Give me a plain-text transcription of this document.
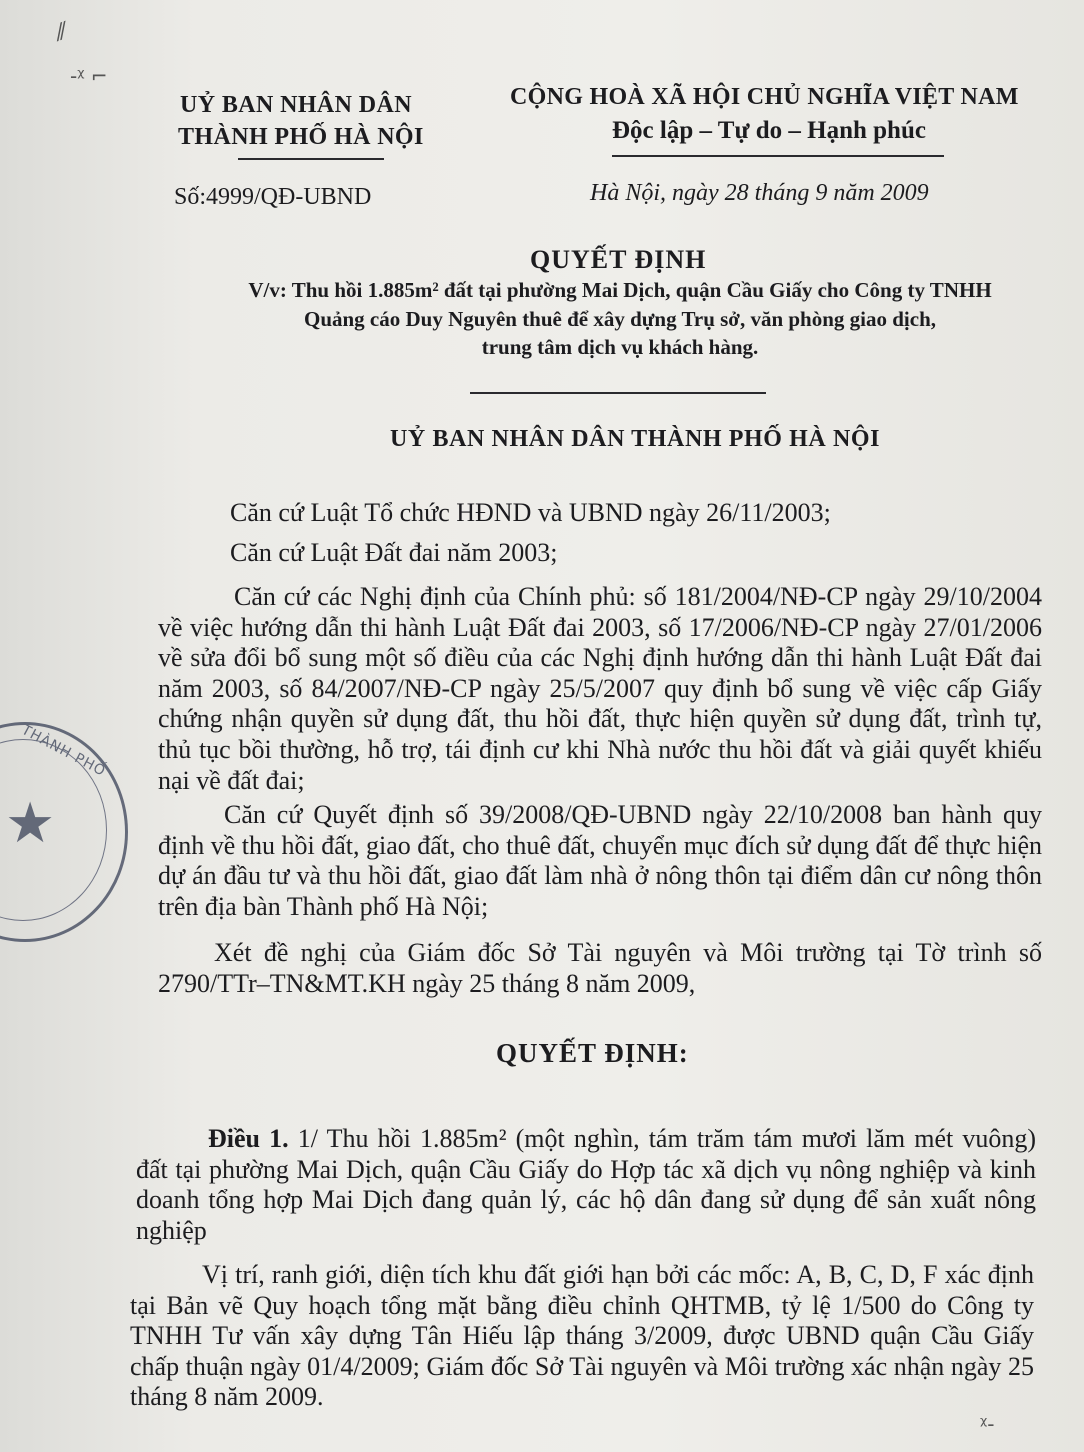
⁄⁄
-ᵡ ⌐
ᵡ-
UỶ BAN NHÂN DÂN
THÀNH PHỐ HÀ NỘI
CỘNG HOÀ XÃ HỘI CHỦ NGHĨA VIỆT NAM
Độc lập – Tự do – Hạnh phúc
Số:4999/QĐ-UBND	Hà Nội, ngày 28 tháng 9 năm 2009
QUYẾT ĐỊNH
V/v: Thu hồi 1.885m² đất tại phường Mai Dịch, quận Cầu Giấy cho Công ty TNHH
Quảng cáo Duy Nguyên thuê để xây dựng Trụ sở, văn phòng giao dịch,
trung tâm dịch vụ khách hàng.
UỶ BAN NHÂN DÂN THÀNH PHỐ HÀ NỘI
Căn cứ Luật Tổ chức HĐND và UBND ngày 26/11/2003;
Căn cứ Luật Đất đai năm 2003;
Căn cứ các Nghị định của Chính phủ: số 181/2004/NĐ-CP ngày 29/10/2004 về việc hướng dẫn thi hành Luật Đất đai 2003, số 17/2006/NĐ-CP ngày 27/01/2006 về sửa đổi bổ sung một số điều của các Nghị định hướng dẫn thi hành Luật Đất đai năm 2003, số 84/2007/NĐ-CP ngày 25/5/2007 quy định bổ sung về việc cấp Giấy chứng nhận quyền sử dụng đất, thu hồi đất, thực hiện quyền sử dụng đất, trình tự, thủ tục bồi thường, hỗ trợ, tái định cư khi Nhà nước thu hồi đất và giải quyết khiếu nại về đất đai;
Căn cứ Quyết định số 39/2008/QĐ-UBND ngày 22/10/2008 ban hành quy định về thu hồi đất, giao đất, cho thuê đất, chuyển mục đích sử dụng đất để thực hiện dự án đầu tư và thu hồi đất, giao đất làm nhà ở nông thôn tại điểm dân cư nông thôn trên địa bàn Thành phố Hà Nội;
Xét đề nghị của Giám đốc Sở Tài nguyên và Môi trường tại Tờ trình số 2790/TTr–TN&MT.KH ngày 25 tháng 8 năm 2009,
QUYẾT ĐỊNH:
Điều 1. 1/ Thu hồi 1.885m² (một nghìn, tám trăm tám mươi lăm mét vuông) đất tại phường Mai Dịch, quận Cầu Giấy do Hợp tác xã dịch vụ nông nghiệp và kinh doanh tổng hợp Mai Dịch đang quản lý, các hộ dân đang sử dụng để sản xuất nông nghiệp
Vị trí, ranh giới, diện tích khu đất giới hạn bởi các mốc: A, B, C, D, F xác định tại Bản vẽ Quy hoạch tổng mặt bằng điều chỉnh QHTMB, tỷ lệ 1/500 do Công ty TNHH Tư vấn xây dựng Tân Hiếu lập tháng 3/2009, được UBND quận Cầu Giấy chấp thuận ngày 01/4/2009; Giám đốc Sở Tài nguyên và Môi trường xác nhận ngày 25 tháng 8 năm 2009.
THÀNH PHỐ
★
